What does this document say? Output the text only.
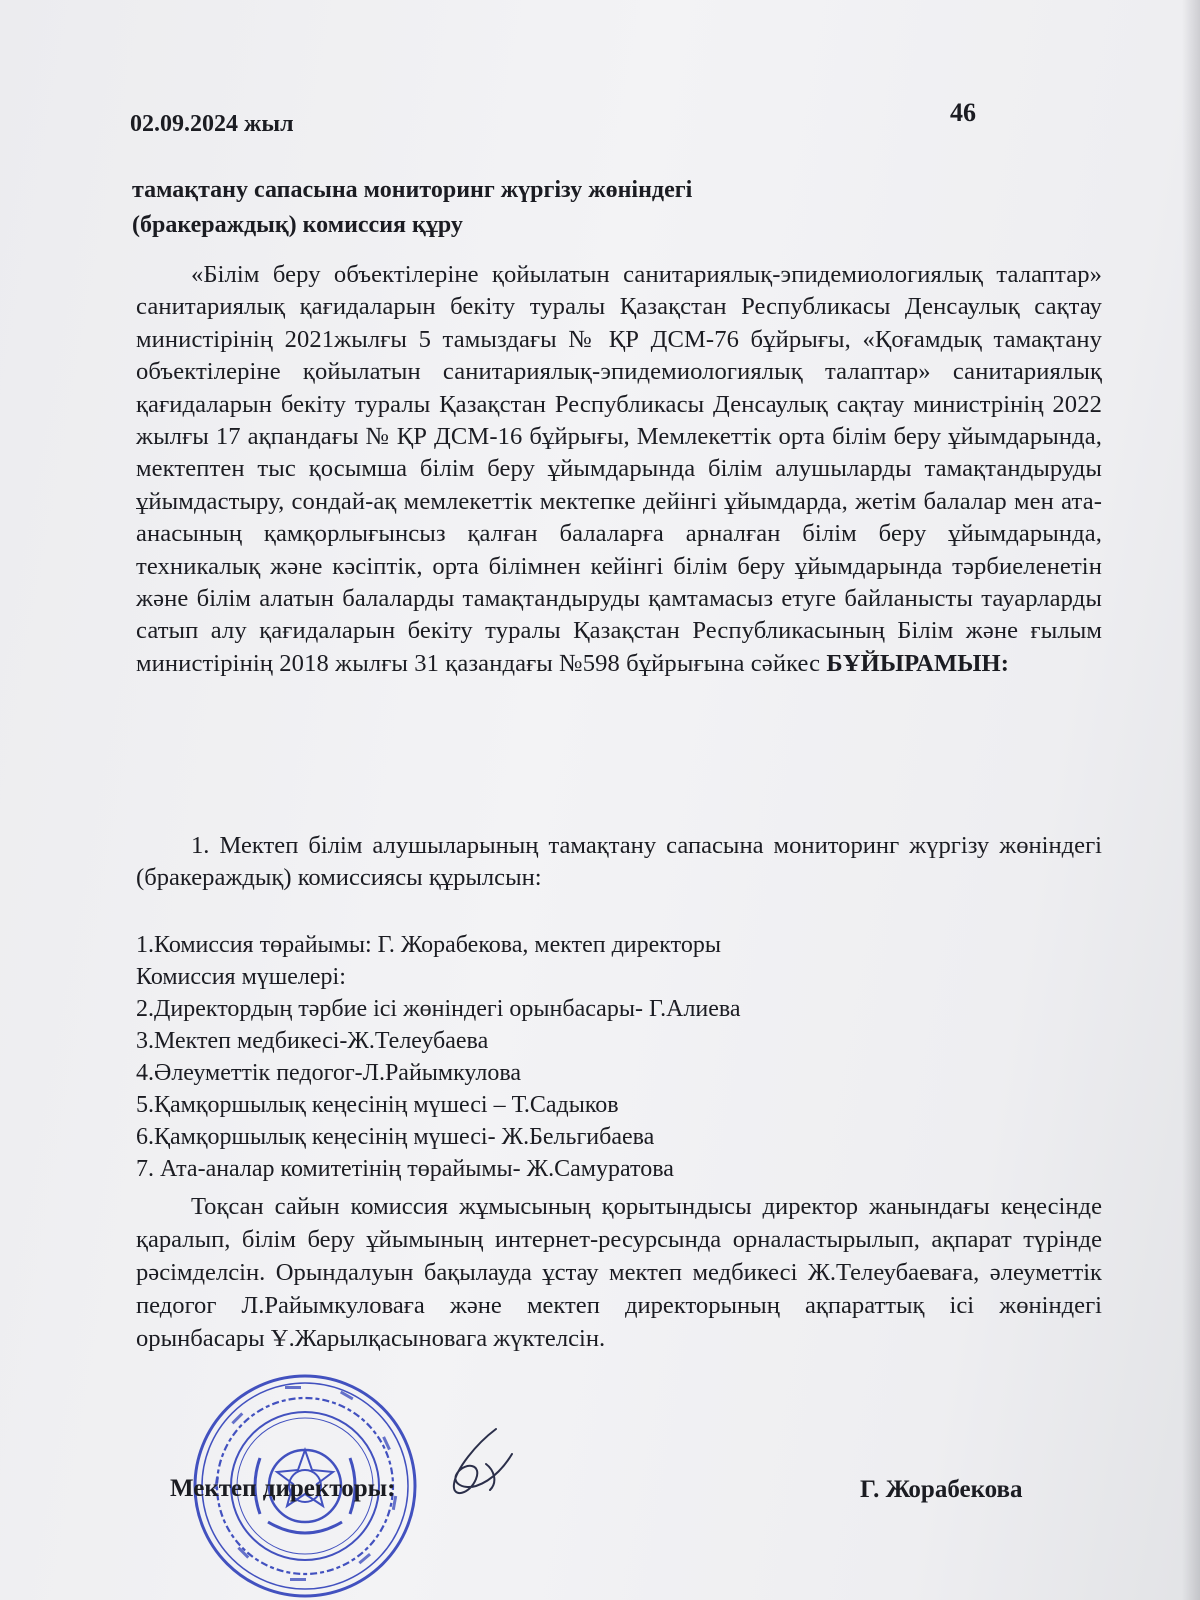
02.09.2024 жыл	46
тамақтану сапасына мониторинг жүргізу жөніндегі
(бракераждық) комиссия құру
«Білім беру объектілеріне қойылатын санитариялық-эпидемиологиялық талаптар» санитариялық қағидаларын бекіту туралы Қазақстан Республикасы Денсаулық сақтау министірінің 2021жылғы 5 тамыздағы № ҚР ДСМ-76 бұйрығы, «Қоғамдық тамақтану объектілеріне қойылатын санитариялық-эпидемиологиялық талаптар» санитариялық қағидаларын бекіту туралы Қазақстан Республикасы Денсаулық сақтау министрінің 2022 жылғы 17 ақпандағы № ҚР ДСМ-16 бұйрығы, Мемлекеттік орта білім беру ұйымдарында, мектептен тыс қосымша білім беру ұйымдарында білім алушыларды тамақтандыруды ұйымдастыру, сондай-ақ мемлекеттік мектепке дейінгі ұйымдарда, жетім балалар мен ата-анасының қамқорлығынсыз қалған балаларға арналған білім беру ұйымдарында, техникалық және кәсіптік, орта білімнен кейінгі білім беру ұйымдарында тәрбиеленетін және білім алатын балаларды тамақтандыруды қамтамасыз етуге байланысты тауарларды сатып алу қағидаларын бекіту туралы Қазақстан Республикасының Білім және ғылым министірінің 2018 жылғы 31 қазандағы №598 бұйрығына сәйкес БҰЙЫРАМЫН:
1. Мектеп білім алушыларының тамақтану сапасына мониторинг жүргізу жөніндегі (бракераждық) комиссиясы құрылсын:
1.Комиссия төрайымы: Г. Жорабекова, мектеп директоры
Комиссия мүшелері:
2.Директордың тәрбие ісі жөніндегі орынбасары- Г.Алиева
3.Мектеп медбикесі-Ж.Телеубаева
4.Әлеуметтік педогог-Л.Райымкулова
5.Қамқоршылық кеңесінің мүшесі – Т.Садыков
6.Қамқоршылық кеңесінің мүшесі- Ж.Бельгибаева
7. Ата-аналар комитетінің төрайымы- Ж.Самуратова
Тоқсан сайын комиссия жұмысының қорытындысы директор жанындағы кеңесінде қаралып, білім беру ұйымының интернет-ресурсында орналастырылып, ақпарат түрінде рәсімделсін. Орындалуын бақылауда ұстау мектеп медбикесі Ж.Телеубаеваға, әлеуметтік педогог Л.Райымкуловаға және мектеп директорының ақпараттық ісі жөніндегі орынбасары Ұ.Жарылқасыновага жүктелсін.
Мектеп директоры:	Г. Жорабекова
